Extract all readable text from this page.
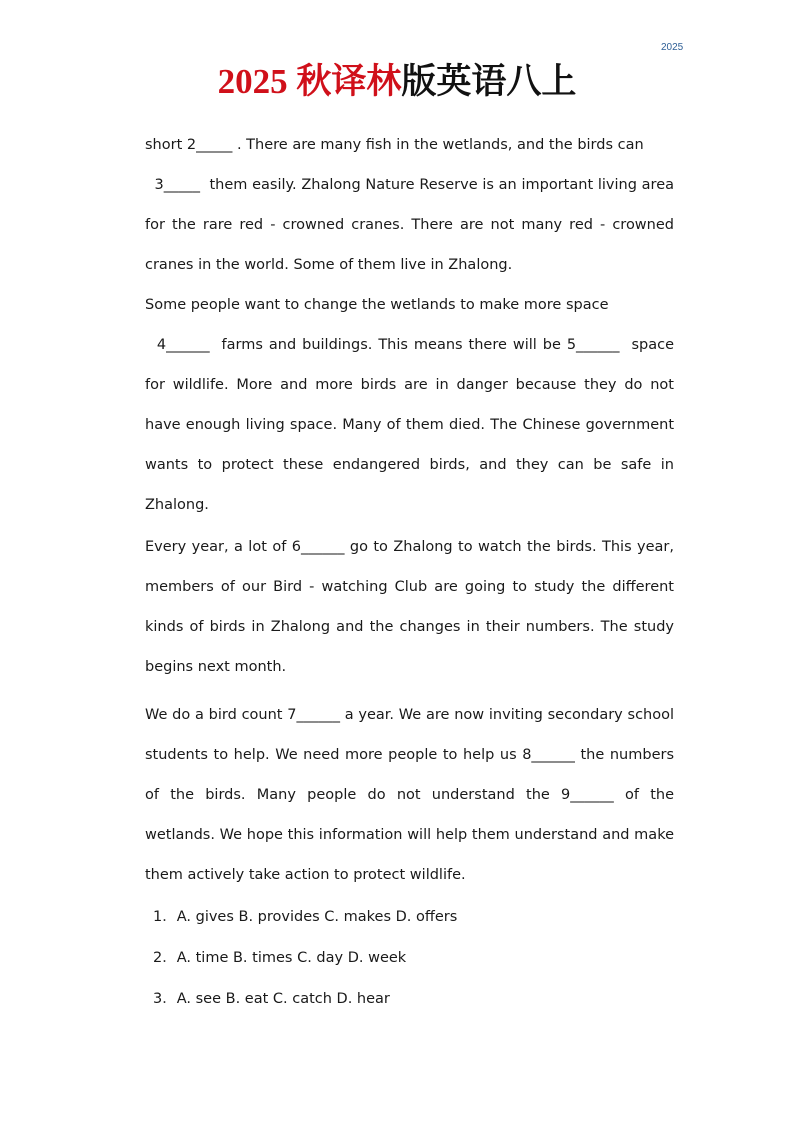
2025
2025 秋译林版英语八上

short 2_____ . There are many fish in the wetlands, and the birds can

3_____  them easily. Zhalong Nature Reserve is an important living area for the rare red - crowned cranes. There are not many red - crowned cranes in the world. Some of them live in Zhalong.

Some people want to change the wetlands to make more space

4______  farms and buildings. This means there will be 5______  space for wildlife. More and more birds are in danger because they do not have enough living space. Many of them died. The Chinese government wants to protect these endangered birds, and they can be safe in Zhalong.

Every year, a lot of 6______ go to Zhalong to watch the birds. This year, members of our Bird - watching Club are going to study the different kinds of birds in Zhalong and the changes in their numbers. The study begins next month.

We do a bird count 7______ a year. We are now inviting secondary school students to help. We need more people to help us 8______ the numbers of the birds. Many people do not understand the 9______ of the wetlands. We hope this information will help them understand and make them actively take action to protect wildlife.

1．A. gives B. provides C. makes D. offers

2．A. time B. times C. day D. week

3．A. see B. eat C. catch D. hear
